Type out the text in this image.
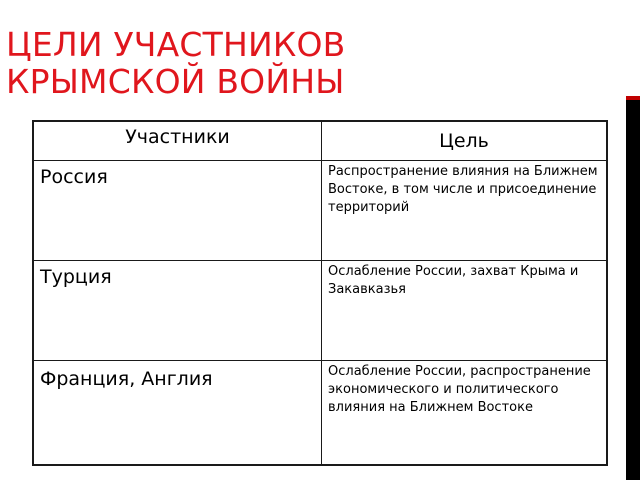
ЦЕЛИ УЧАСТНИКОВ
КРЫМСКОЙ ВОЙНЫ
Участники	Цель
Россия	Распространение влияния на Ближнем Востоке, в том числе и присоединение территорий
Турция	Ослабление России, захват Крыма и Закавказья
Франция, Англия	Ослабление России, распространение экономического и политического влияния на Ближнем Востоке
